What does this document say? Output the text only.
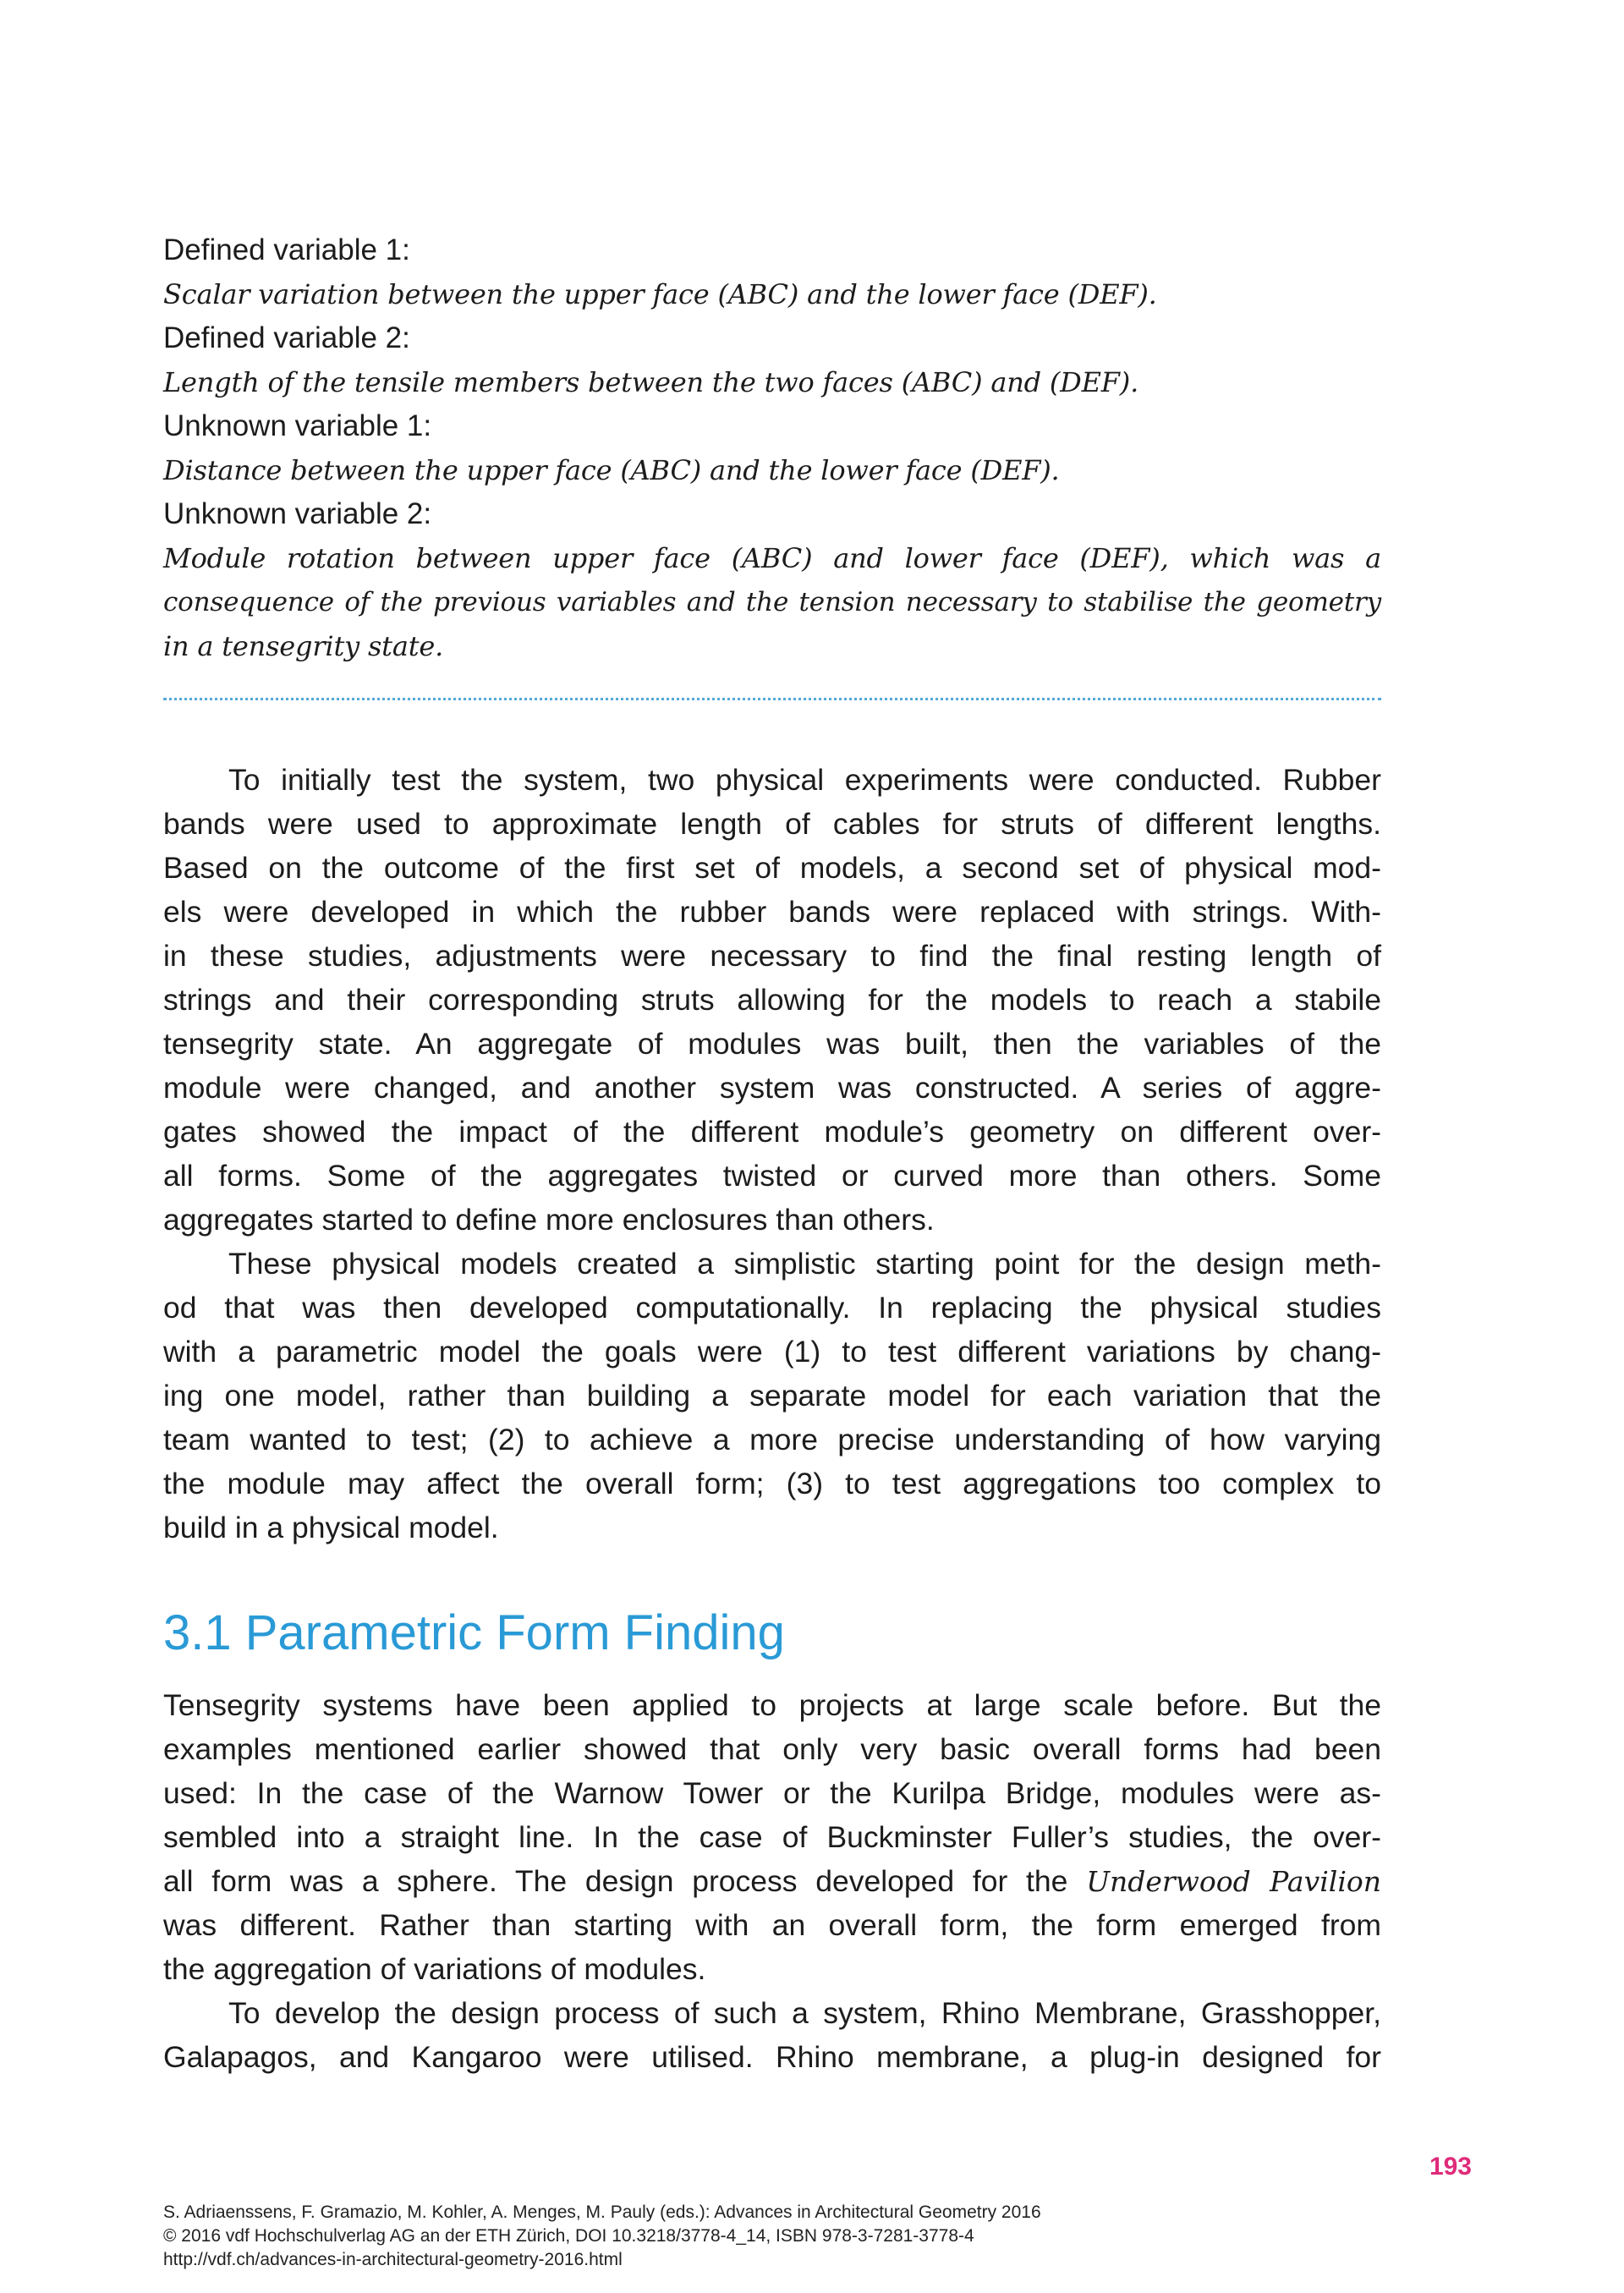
Defined variable 1:
Scalar variation between the upper face (ABC) and the lower face (DEF).
Defined variable 2:
Length of the tensile members between the two faces (ABC) and (DEF).
Unknown variable 1:
Distance between the upper face (ABC) and the lower face (DEF).
Unknown variable 2:
Module rotation between upper face (ABC) and lower face (DEF), which was a
consequence of the previous variables and the tension necessary to stabilise the geometry
in a tensegrity state.
To initially test the system, two physical experiments were conducted. Rubber
bands were used to approximate length of cables for struts of different lengths.
Based on the outcome of the first set of models, a second set of physical mod-
els were developed in which the rubber bands were replaced with strings. With-
in these studies, adjustments were necessary to find the final resting length of
strings and their corresponding struts allowing for the models to reach a stabile
tensegrity state. An aggregate of modules was built, then the variables of the
module were changed, and another system was constructed. A series of aggre-
gates showed the impact of the different module’s geometry on different over-
all forms. Some of the aggregates twisted or curved more than others. Some
aggregates started to define more enclosures than others.
These physical models created a simplistic starting point for the design meth-
od that was then developed computationally. In replacing the physical studies
with a parametric model the goals were (1) to test different variations by chang-
ing one model, rather than building a separate model for each variation that the
team wanted to test; (2) to achieve a more precise understanding of how varying
the module may affect the overall form; (3) to test aggregations too complex to
build in a physical model.
3.1 Parametric Form Finding
Tensegrity systems have been applied to projects at large scale before. But the
examples mentioned earlier showed that only very basic overall forms had been
used: In the case of the Warnow Tower or the Kurilpa Bridge, modules were as-
sembled into a straight line. In the case of Buckminster Fuller’s studies, the over-
all form was a sphere. The design process developed for the Underwood Pavilion
was different. Rather than starting with an overall form, the form emerged from
the aggregation of variations of modules.
To develop the design process of such a system, Rhino Membrane, Grasshopper,
Galapagos, and Kangaroo were utilised. Rhino membrane, a plug-in designed for
193
S. Adriaenssens, F. Gramazio, M. Kohler, A. Menges, M. Pauly (eds.): Advances in Architectural Geometry 2016
© 2016 vdf Hochschulverlag AG an der ETH Zürich, DOI 10.3218/3778-4_14, ISBN 978-3-7281-3778-4
http://vdf.ch/advances-in-architectural-geometry-2016.html
